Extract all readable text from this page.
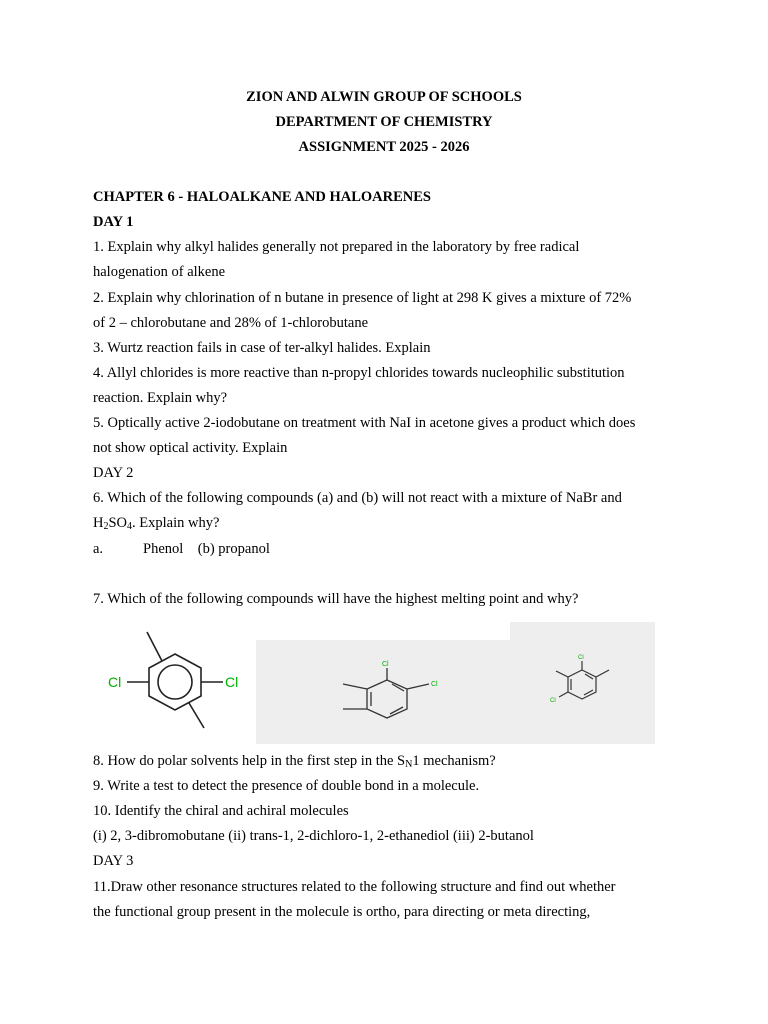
ZION AND ALWIN GROUP OF SCHOOLS
DEPARTMENT OF CHEMISTRY
ASSIGNMENT 2025 - 2026
CHAPTER 6 - HALOALKANE AND HALOARENES
DAY 1
1. Explain why alkyl halides generally not prepared in the laboratory by free radical
halogenation of alkene
2. Explain why chlorination of n butane in presence of light at 298 K gives a mixture of 72%
of 2 – chlorobutane and 28% of 1-chlorobutane
3. Wurtz reaction fails in case of ter-alkyl halides. Explain
4. Allyl chlorides is more reactive than n-propyl chlorides towards nucleophilic substitution
reaction. Explain why?
5. Optically active 2-iodobutane on treatment with NaI in acetone gives a product which does
not show optical activity. Explain
DAY 2
6. Which of the following compounds (a) and (b) will not react with a mixture of NaBr and
$H_2SO_4$. Explain why?
a.	Phenol    (b) propanol
7. Which of the following compounds will have the highest melting point and why?
Cl	Cl
Cl
Cl
Cl
Cl
8. How do polar solvents help in the first step in the $S_N1$ mechanism?
9. Write a test to detect the presence of double bond in a molecule.
10. Identify the chiral and achiral molecules
(i) 2, 3-dibromobutane (ii) trans-1, 2-dichloro-1, 2-ethanediol (iii) 2-butanol
DAY 3
11.Draw other resonance structures related to the following structure and find out whether
the functional group present in the molecule is ortho, para directing or meta directing,
